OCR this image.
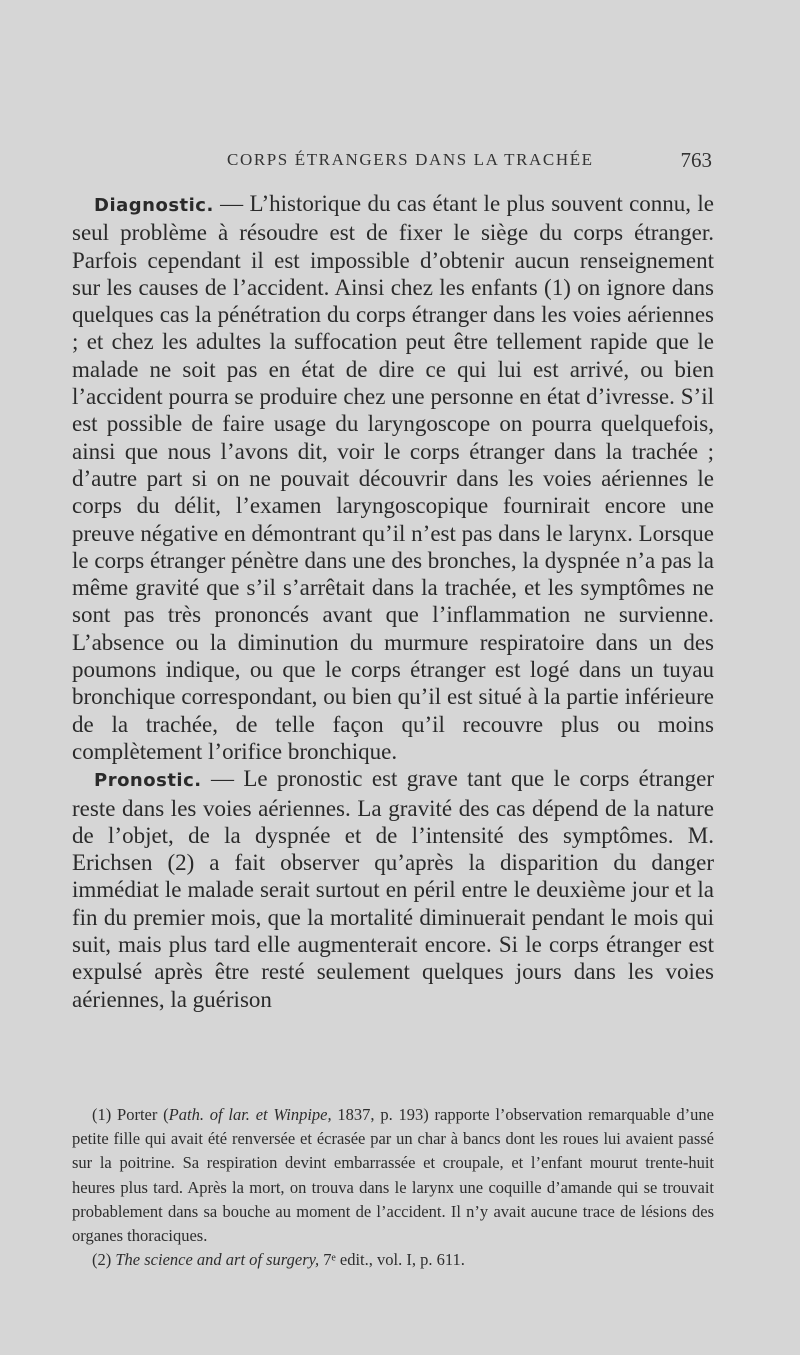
CORPS ÉTRANGERS DANS LA TRACHÉE	763

Diagnostic. — L’historique du cas étant le plus souvent connu, le seul problème à résoudre est de fixer le siège du corps étranger. Parfois cependant il est impossible d’obtenir aucun renseignement sur les causes de l’accident. Ainsi chez les enfants (1) on ignore dans quelques cas la pénétration du corps étranger dans les voies aériennes ; et chez les adultes la suffocation peut être tellement rapide que le malade ne soit pas en état de dire ce qui lui est arrivé, ou bien l’accident pourra se produire chez une personne en état d’ivresse. S’il est possible de faire usage du laryngoscope on pourra quelquefois, ainsi que nous l’avons dit, voir le corps étranger dans la trachée ; d’autre part si on ne pouvait découvrir dans les voies aériennes le corps du délit, l’examen laryngoscopique fournirait encore une preuve négative en démontrant qu’il n’est pas dans le larynx. Lorsque le corps étranger pénètre dans une des bronches, la dyspnée n’a pas la même gravité que s’il s’arrêtait dans la trachée, et les symptômes ne sont pas très prononcés avant que l’inflammation ne survienne. L’absence ou la diminution du murmure respiratoire dans un des poumons indique, ou que le corps étranger est logé dans un tuyau bronchique correspondant, ou bien qu’il est situé à la partie inférieure de la trachée, de telle façon qu’il recouvre plus ou moins complètement l’orifice bronchique.

Pronostic. — Le pronostic est grave tant que le corps étranger reste dans les voies aériennes. La gravité des cas dépend de la nature de l’objet, de la dyspnée et de l’intensité des symptômes. M. Erichsen (2) a fait observer qu’après la disparition du danger immédiat le malade serait surtout en péril entre le deuxième jour et la fin du premier mois, que la mortalité diminuerait pendant le mois qui suit, mais plus tard elle augmenterait encore. Si le corps étranger est expulsé après être resté seulement quelques jours dans les voies aériennes, la guérison

(1) Porter (Path. of lar. et Winpipe, 1837, p. 193) rapporte l’observation remarquable d’une petite fille qui avait été renversée et écrasée par un char à bancs dont les roues lui avaient passé sur la poitrine. Sa respiration devint embarrassée et croupale, et l’enfant mourut trente-huit heures plus tard. Après la mort, on trouva dans le larynx une coquille d’amande qui se trouvait probablement dans sa bouche au moment de l’accident. Il n’y avait aucune trace de lésions des organes thoraciques.

(2) The science and art of surgery, 7ᵉ edit., vol. I, p. 611.
